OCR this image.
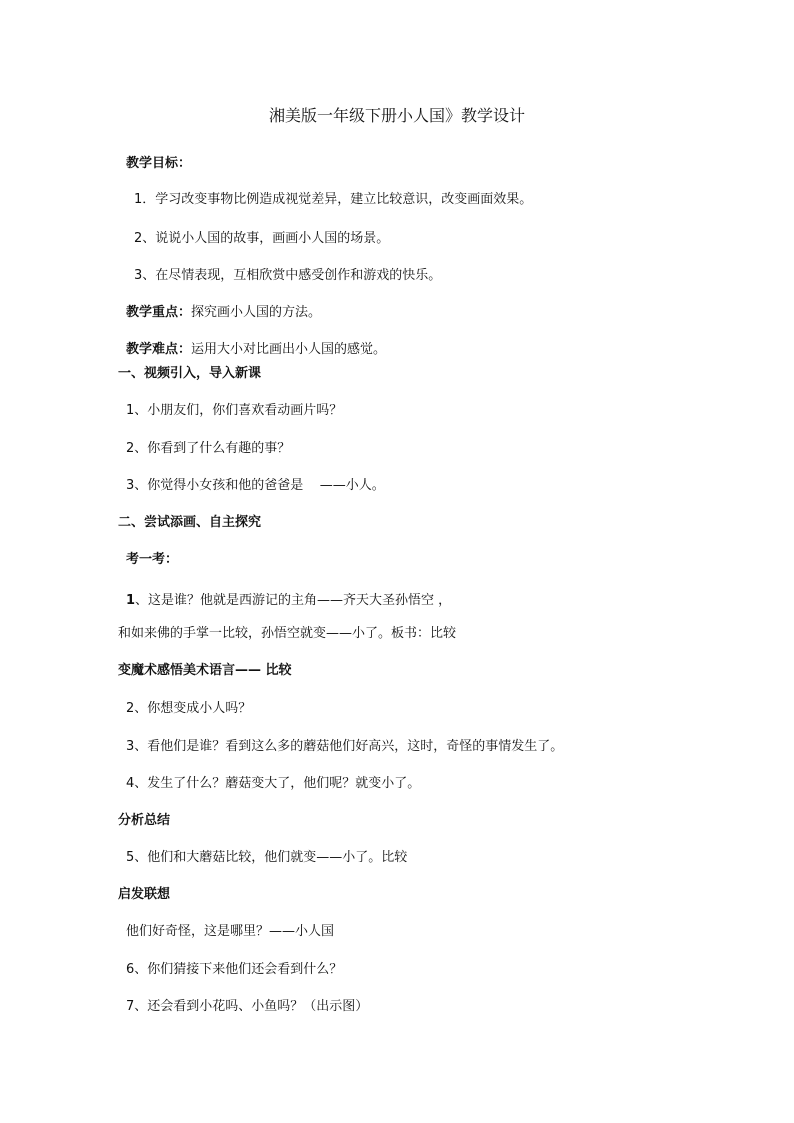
湘美版一年级下册小人国》教学设计
教学目标：
1．学习改变事物比例造成视觉差异，建立比较意识，改变画面效果。
2、说说小人国的故事，画画小人国的场景。
3、在尽情表现，互相欣赏中感受创作和游戏的快乐。
教学重点：探究画小人国的方法。
教学难点：运用大小对比画出小人国的感觉。
一、视频引入，导入新课
1、小朋友们，你们喜欢看动画片吗？
2、你看到了什么有趣的事？
3、你觉得小女孩和他的爸爸是    ——小人。
二、尝试添画、自主探究
考一考：
1、这是谁？他就是西游记的主角——齐天大圣孙悟空 ，
和如来佛的手掌一比较，孙悟空就变——小了。板书：比较
变魔术感悟美术语言—— 比较
2、你想变成小人吗？
3、看他们是谁？看到这么多的蘑菇他们好高兴，这时，奇怪的事情发生了。
4、发生了什么？蘑菇变大了，他们呢？就变小了。
分析总结
5、他们和大蘑菇比较，他们就变——小了。比较
启发联想
他们好奇怪，这是哪里？——小人国
6、你们猜接下来他们还会看到什么？
7、还会看到小花吗、小鱼吗？（出示图）
